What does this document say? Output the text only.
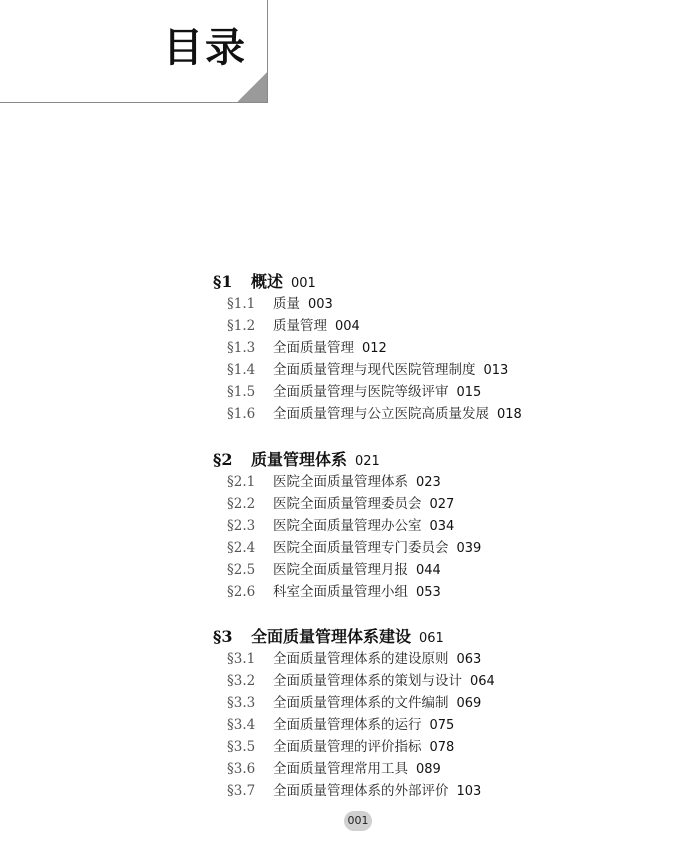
目录
§1 概述 001
§1.1 质量 003
§1.2 质量管理 004
§1.3 全面质量管理 012
§1.4 全面质量管理与现代医院管理制度 013
§1.5 全面质量管理与医院等级评审 015
§1.6 全面质量管理与公立医院高质量发展 018
§2 质量管理体系 021
§2.1 医院全面质量管理体系 023
§2.2 医院全面质量管理委员会 027
§2.3 医院全面质量管理办公室 034
§2.4 医院全面质量管理专门委员会 039
§2.5 医院全面质量管理月报 044
§2.6 科室全面质量管理小组 053
§3 全面质量管理体系建设 061
§3.1 全面质量管理体系的建设原则 063
§3.2 全面质量管理体系的策划与设计 064
§3.3 全面质量管理体系的文件编制 069
§3.4 全面质量管理体系的运行 075
§3.5 全面质量管理的评价指标 078
§3.6 全面质量管理常用工具 089
§3.7 全面质量管理体系的外部评价 103
001
